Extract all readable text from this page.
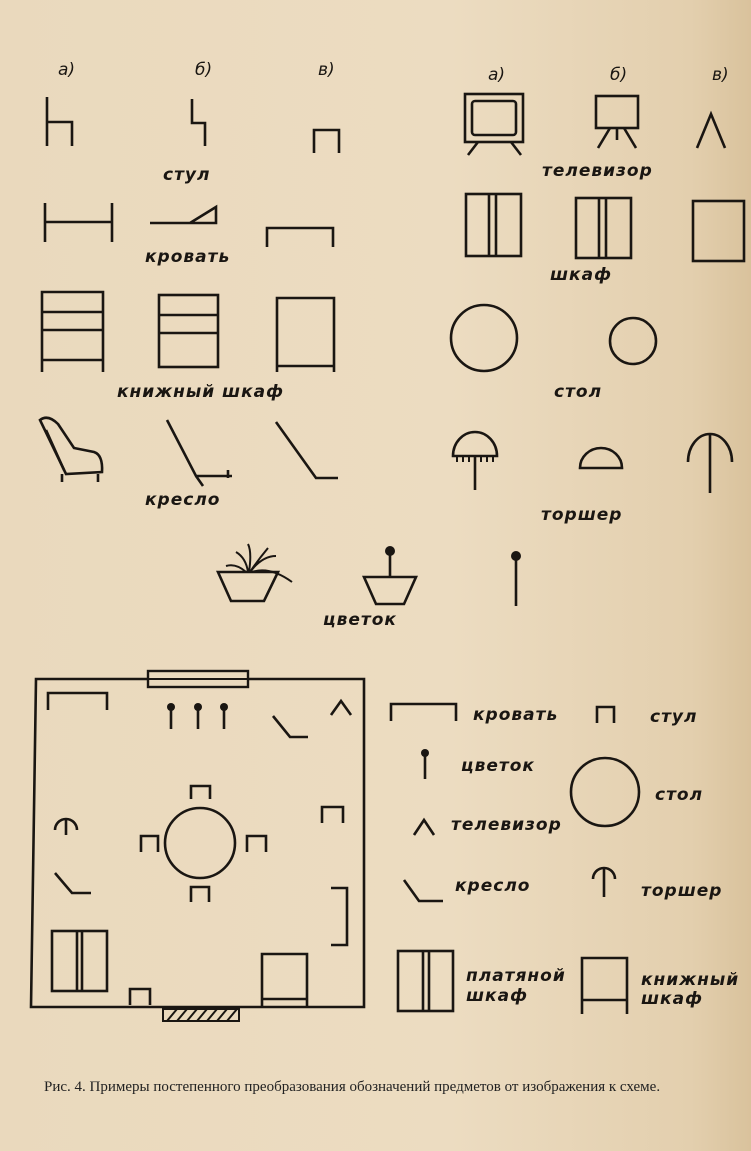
а)	б)	в)	а)	б)	в)
стул	телевизор
кровать
шкаф
книжный шкаф	стол
кресло
торшер
цветок
кровать	стул
цветок
стол
телевизор
кресло	торшер
платяной
шкаф
книжный
шкаф
Рис. 4. Примеры постепенного преобразования обозначений предметов от изображения к схеме.
